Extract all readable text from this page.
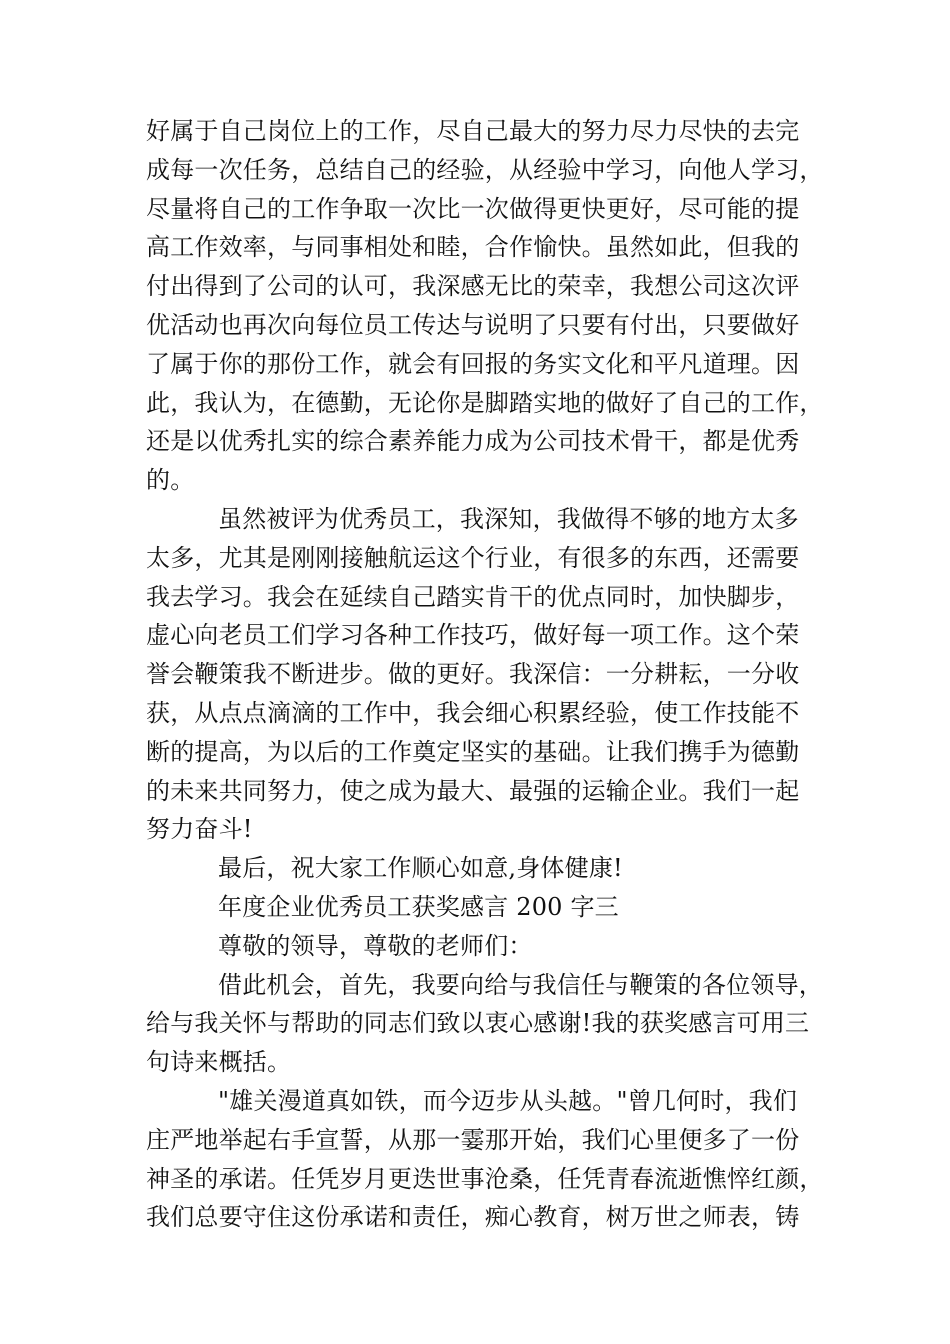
好属于自己岗位上的工作，尽自己最大的努力尽力尽快的去完
成每一次任务，总结自己的经验，从经验中学习，向他人学习，
尽量将自己的工作争取一次比一次做得更快更好，尽可能的提
高工作效率，与同事相处和睦，合作愉快。虽然如此，但我的
付出得到了公司的认可，我深感无比的荣幸，我想公司这次评
优活动也再次向每位员工传达与说明了只要有付出，只要做好
了属于你的那份工作，就会有回报的务实文化和平凡道理。因
此，我认为，在德勤，无论你是脚踏实地的做好了自己的工作，
还是以优秀扎实的综合素养能力成为公司技术骨干，都是优秀
的。
虽然被评为优秀员工，我深知，我做得不够的地方太多
太多，尤其是刚刚接触航运这个行业，有很多的东西，还需要
我去学习。我会在延续自己踏实肯干的优点同时，加快脚步，
虚心向老员工们学习各种工作技巧，做好每一项工作。这个荣
誉会鞭策我不断进步。做的更好。我深信：一分耕耘，一分收
获，从点点滴滴的工作中，我会细心积累经验，使工作技能不
断的提高，为以后的工作奠定坚实的基础。让我们携手为德勤
的未来共同努力，使之成为最大、最强的运输企业。我们一起
努力奋斗!
最后，祝大家工作顺心如意,身体健康!
年度企业优秀员工获奖感言 200 字三
尊敬的领导，尊敬的老师们：
借此机会，首先，我要向给与我信任与鞭策的各位领导，
给与我关怀与帮助的同志们致以衷心感谢!我的获奖感言可用三
句诗来概括。
"雄关漫道真如铁，而今迈步从头越。"曾几何时，我们
庄严地举起右手宣誓，从那一霎那开始，我们心里便多了一份
神圣的承诺。任凭岁月更迭世事沧桑，任凭青春流逝憔悴红颜，
我们总要守住这份承诺和责任，痴心教育，树万世之师表，铸
